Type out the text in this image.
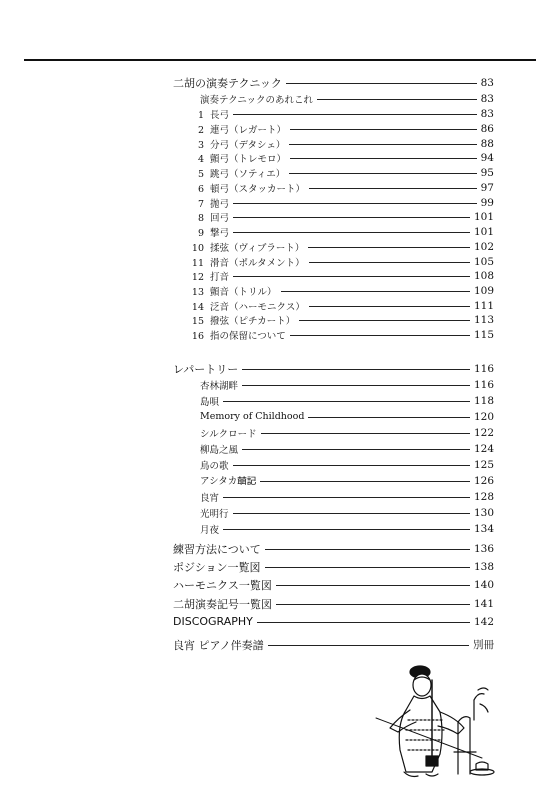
二胡の演奏テクニック	83
演奏テクニックのあれこれ	83
1 長弓	83
2 連弓（レガート）	86
3 分弓（デタシェ）	88
4 顫弓（トレモロ）	94
5 跳弓（ソティエ）	95
6 頓弓（スタッカート）	97
7 拋弓	99
8 回弓	101
9 撃弓	101
10 揉弦（ヴィブラート）	102
11 滑音（ポルタメント）	105
12 打音	108
13 顫音（トリル）	109
14 泛音（ハーモニクス）	111
15 撥弦（ピチカート）	113
16 指の保留について	115
レパートリー	116
杏林湖畔	116
島唄	118
Memory of Childhood	120
シルクロード	122
柳島之風	124
鳥の歌	125
アシタカ𦻙記	126
良宵	128
光明行	130
月夜	134
練習方法について	136
ポジション一覧図	138
ハーモニクス一覧図	140
二胡演奏記号一覧図	141
DISCOGRAPHY	142
良宵 ピアノ伴奏譜	別冊
